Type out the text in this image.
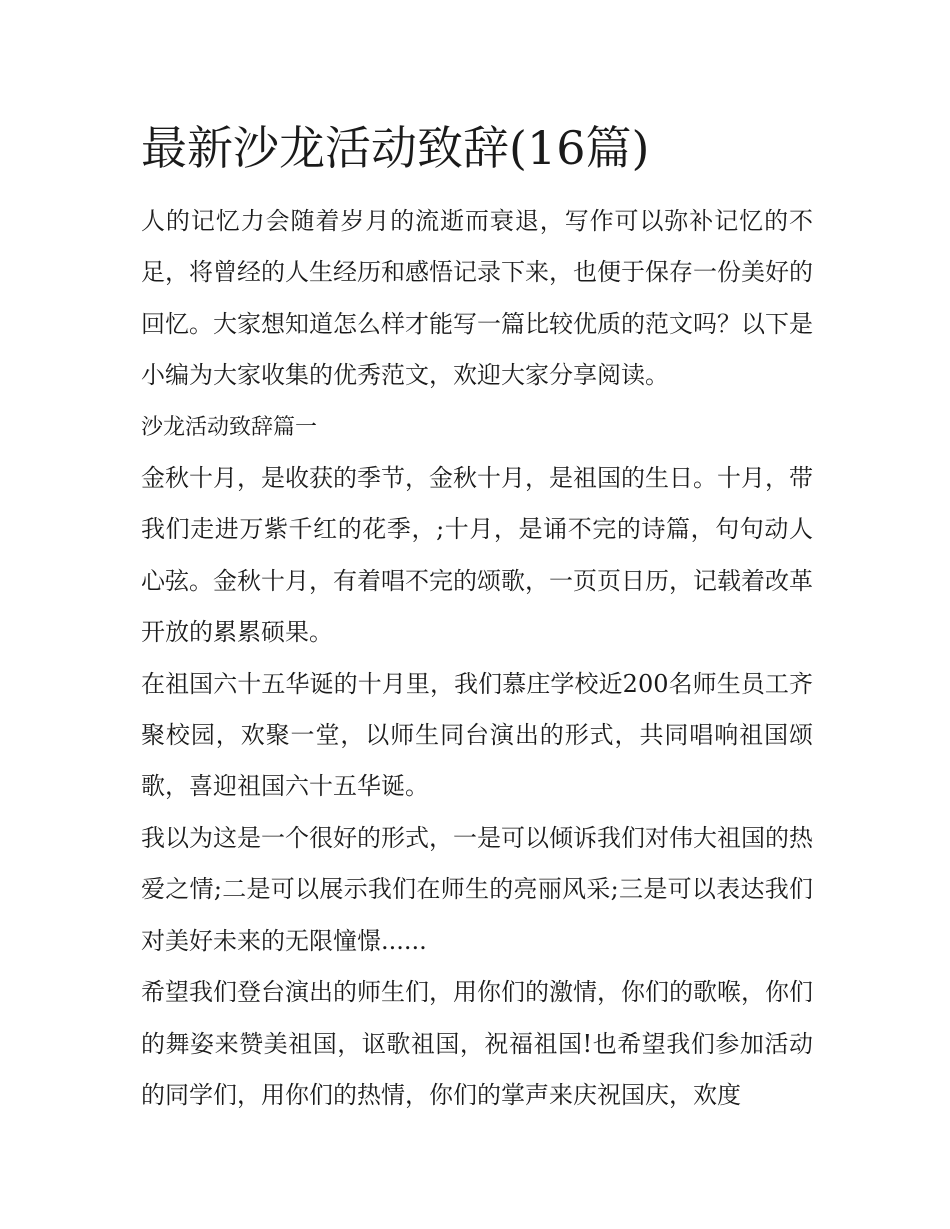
最新沙龙活动致辞(16篇)

人的记忆力会随着岁月的流逝而衰退，写作可以弥补记忆的不足，将曾经的人生经历和感悟记录下来，也便于保存一份美好的回忆。大家想知道怎么样才能写一篇比较优质的范文吗？以下是小编为大家收集的优秀范文，欢迎大家分享阅读。

沙龙活动致辞篇一

金秋十月，是收获的季节，金秋十月，是祖国的生日。十月，带我们走进万紫千红的花季，;十月，是诵不完的诗篇，句句动人心弦。金秋十月，有着唱不完的颂歌，一页页日历，记载着改革开放的累累硕果。

在祖国六十五华诞的十月里，我们慕庄学校近200名师生员工齐聚校园，欢聚一堂，以师生同台演出的形式，共同唱响祖国颂歌，喜迎祖国六十五华诞。

我以为这是一个很好的形式，一是可以倾诉我们对伟大祖国的热爱之情;二是可以展示我们在师生的亮丽风采;三是可以表达我们对美好未来的无限憧憬......

希望我们登台演出的师生们，用你们的激情，你们的歌喉，你们的舞姿来赞美祖国，讴歌祖国，祝福祖国!也希望我们参加活动的同学们，用你们的热情，你们的掌声来庆祝国庆，欢度
